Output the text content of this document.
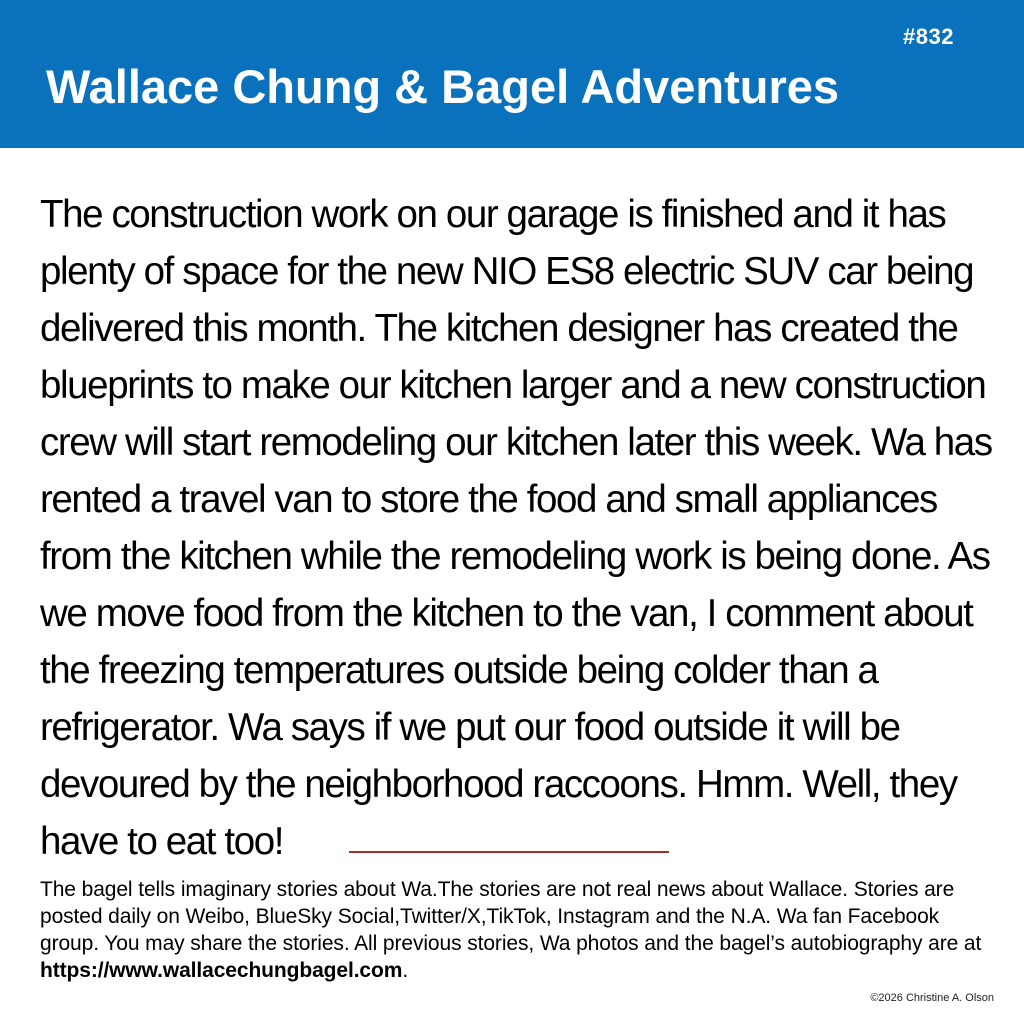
#832
Wallace Chung & Bagel Adventures

The construction work on our garage is finished and it has plenty of space for the new NIO ES8 electric SUV car being delivered this month. The kitchen designer has created the blueprints to make our kitchen larger and a new construction crew will start remodeling our kitchen later this week. Wa has rented a travel van to store the food and small appliances from the kitchen while the remodeling work is being done. As we move food from the kitchen to the van, I comment about the freezing temperatures outside being colder than a refrigerator. Wa says if we put our food outside it will be devoured by the neighborhood raccoons. Hmm. Well, they have to eat too!

The bagel tells imaginary stories about Wa.The stories are not real news about Wallace. Stories are posted daily on Weibo, BlueSky Social,Twitter/X,TikTok, Instagram and the N.A. Wa fan Facebook group. You may share the stories. All previous stories, Wa photos and the bagel’s autobiography are at https://www.wallacechungbagel.com.
©2026 Christine A. Olson
